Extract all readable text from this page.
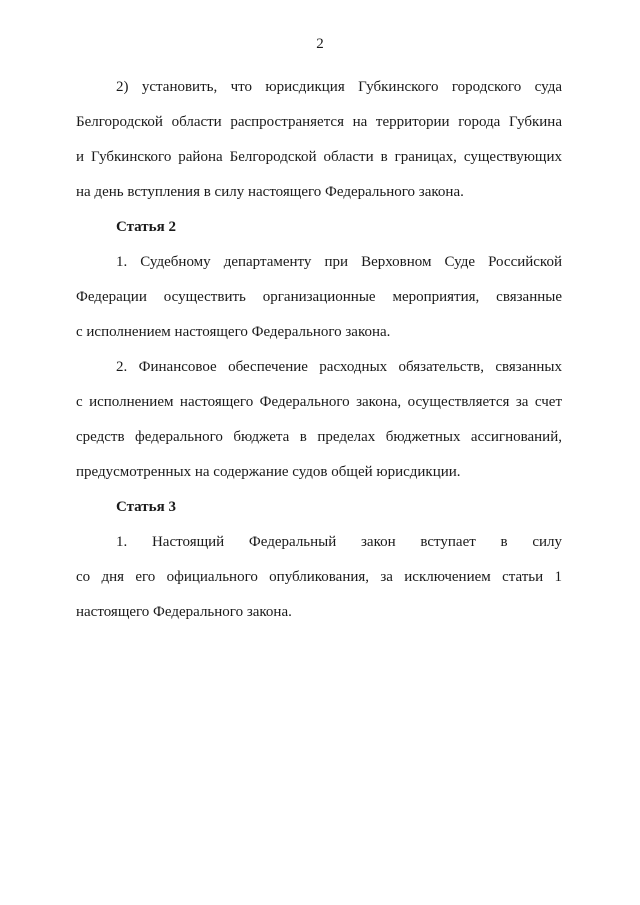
2
2) установить, что юрисдикция Губкинского городского суда
Белгородской области распространяется на территории города Губкина
и Губкинского района Белгородской области в границах, существующих
на день вступления в силу настоящего Федерального закона.
Статья 2
1. Судебному департаменту при Верховном Суде Российской
Федерации осуществить организационные мероприятия, связанные
с исполнением настоящего Федерального закона.
2. Финансовое обеспечение расходных обязательств, связанных
с исполнением настоящего Федерального закона, осуществляется за счет
средств федерального бюджета в пределах бюджетных ассигнований,
предусмотренных на содержание судов общей юрисдикции.
Статья 3
1. Настоящий Федеральный закон вступает в силу
со дня его официального опубликования, за исключением статьи 1
настоящего Федерального закона.
